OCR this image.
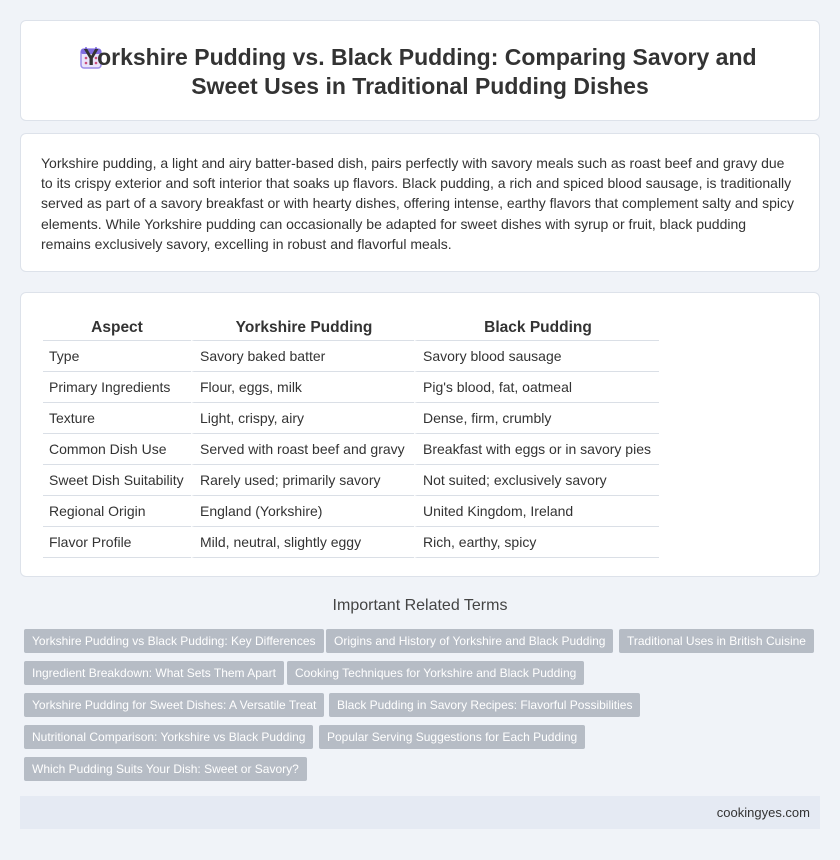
Yorkshire Pudding vs. Black Pudding: Comparing Savory and Sweet Uses in Traditional Pudding Dishes

Yorkshire pudding, a light and airy batter-based dish, pairs perfectly with savory meals such as roast beef and gravy due to its crispy exterior and soft interior that soaks up flavors. Black pudding, a rich and spiced blood sausage, is traditionally served as part of a savory breakfast or with hearty dishes, offering intense, earthy flavors that complement salty and spicy elements. While Yorkshire pudding can occasionally be adapted for sweet dishes with syrup or fruit, black pudding remains exclusively savory, excelling in robust and flavorful meals.

Aspect	Yorkshire Pudding	Black Pudding
Type	Savory baked batter	Savory blood sausage
Primary Ingredients	Flour, eggs, milk	Pig's blood, fat, oatmeal
Texture	Light, crispy, airy	Dense, firm, crumbly
Common Dish Use	Served with roast beef and gravy	Breakfast with eggs or in savory pies
Sweet Dish Suitability	Rarely used; primarily savory	Not suited; exclusively savory
Regional Origin	England (Yorkshire)	United Kingdom, Ireland
Flavor Profile	Mild, neutral, slightly eggy	Rich, earthy, spicy
Important Related Terms
Yorkshire Pudding vs Black Pudding: Key Differences	Origins and History of Yorkshire and Black Pudding	Traditional Uses in British Cuisine
Ingredient Breakdown: What Sets Them Apart	Cooking Techniques for Yorkshire and Black Pudding
Yorkshire Pudding for Sweet Dishes: A Versatile Treat	Black Pudding in Savory Recipes: Flavorful Possibilities
Nutritional Comparison: Yorkshire vs Black Pudding	Popular Serving Suggestions for Each Pudding
Which Pudding Suits Your Dish: Sweet or Savory?
cookingyes.com
